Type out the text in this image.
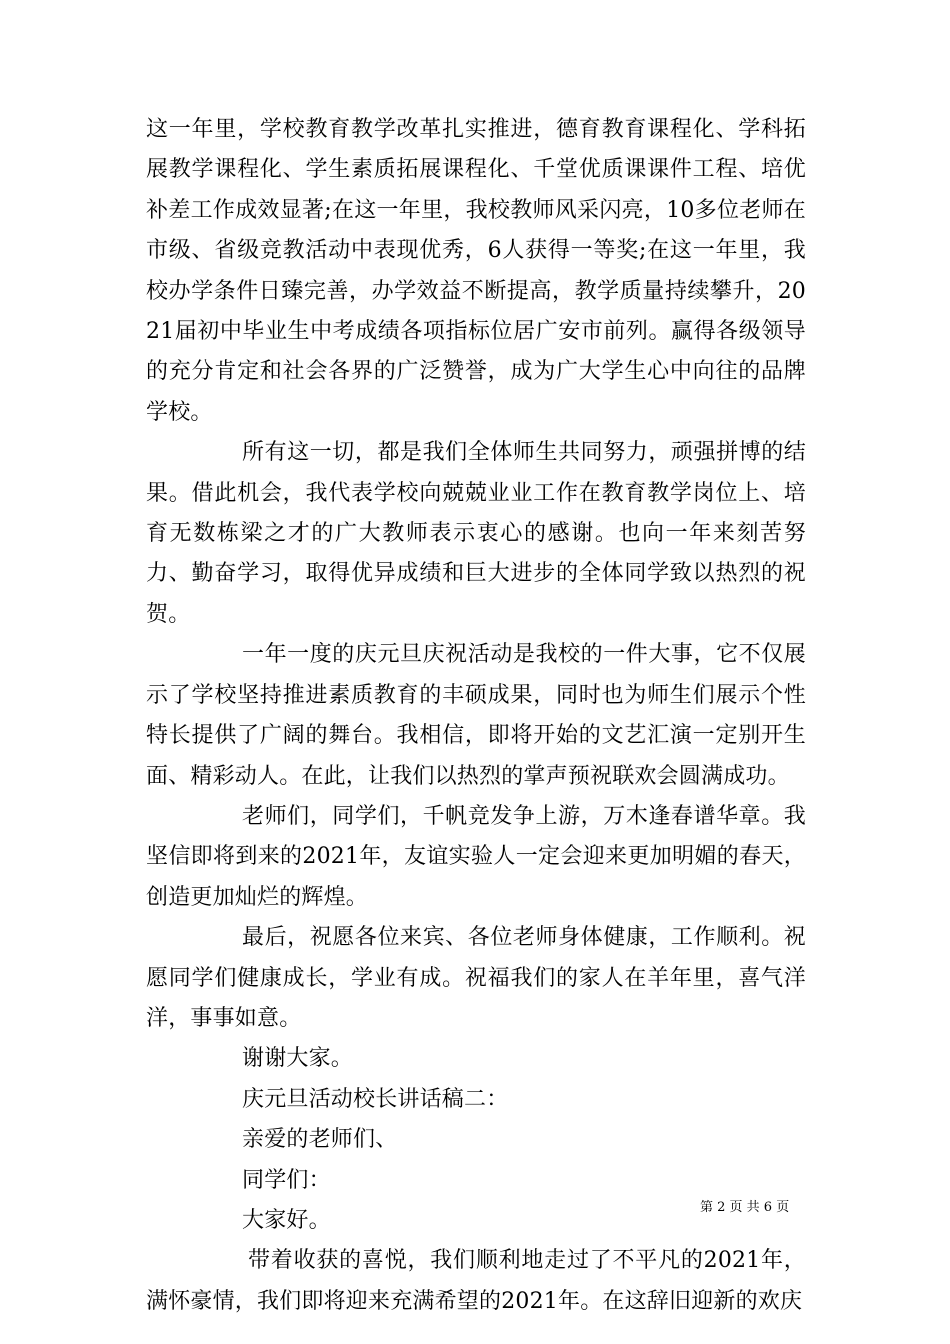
这一年里，学校教育教学改革扎实推进，德育教育课程化、学科拓展教学课程化、学生素质拓展课程化、千堂优质课课件工程、培优补差工作成效显著;在这一年里，我校教师风采闪亮，10多位老师在市级、省级竞教活动中表现优秀，6人获得一等奖;在这一年里，我校办学条件日臻完善，办学效益不断提高，教学质量持续攀升，2021届初中毕业生中考成绩各项指标位居广安市前列。赢得各级领导的充分肯定和社会各界的广泛赞誉，成为广大学生心中向往的品牌学校。

所有这一切，都是我们全体师生共同努力，顽强拼博的结果。借此机会，我代表学校向兢兢业业工作在教育教学岗位上、培育无数栋梁之才的广大教师表示衷心的感谢。也向一年来刻苦努力、勤奋学习，取得优异成绩和巨大进步的全体同学致以热烈的祝贺。

一年一度的庆元旦庆祝活动是我校的一件大事，它不仅展示了学校坚持推进素质教育的丰硕成果，同时也为师生们展示个性特长提供了广阔的舞台。我相信，即将开始的文艺汇演一定别开生面、精彩动人。在此，让我们以热烈的掌声预祝联欢会圆满成功。

老师们，同学们，千帆竞发争上游，万木逢春谱华章。我坚信即将到来的2021年，友谊实验人一定会迎来更加明媚的春天，创造更加灿烂的辉煌。

最后，祝愿各位来宾、各位老师身体健康，工作顺利。祝愿同学们健康成长，学业有成。祝福我们的家人在羊年里，喜气洋洋，事事如意。

谢谢大家。

庆元旦活动校长讲话稿二：

亲爱的老师们、

同学们：

大家好。

带着收获的喜悦，我们顺利地走过了不平凡的2021年，满怀豪情，我们即将迎来充满希望的2021年。在这辞旧迎新的欢庆

第 2 页 共 6 页
